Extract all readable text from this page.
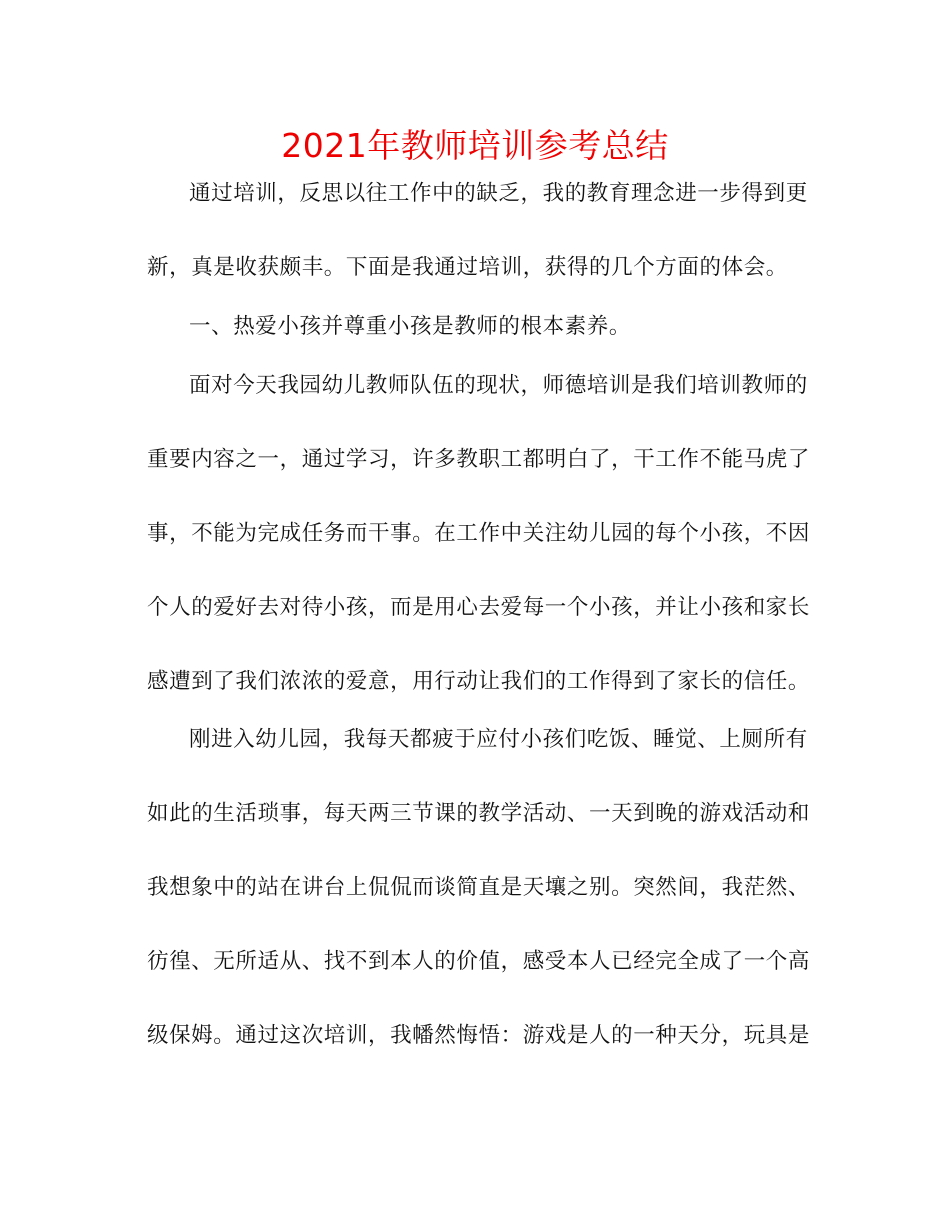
2021年教师培训参考总结
通过培训，反思以往工作中的缺乏，我的教育理念进一步得到更
新，真是收获颇丰。下面是我通过培训，获得的几个方面的体会。
一、热爱小孩并尊重小孩是教师的根本素养。
面对今天我园幼儿教师队伍的现状，师德培训是我们培训教师的
重要内容之一，通过学习，许多教职工都明白了，干工作不能马虎了
事，不能为完成任务而干事。在工作中关注幼儿园的每个小孩，不因
个人的爱好去对待小孩，而是用心去爱每一个小孩，并让小孩和家长
感遭到了我们浓浓的爱意，用行动让我们的工作得到了家长的信任。
刚进入幼儿园，我每天都疲于应付小孩们吃饭、睡觉、上厕所有
如此的生活琐事，每天两三节课的教学活动、一天到晚的游戏活动和
我想象中的站在讲台上侃侃而谈简直是天壤之别。突然间，我茫然、
彷徨、无所适从、找不到本人的价值，感受本人已经完全成了一个高
级保姆。通过这次培训，我幡然悔悟：游戏是人的一种天分，玩具是
